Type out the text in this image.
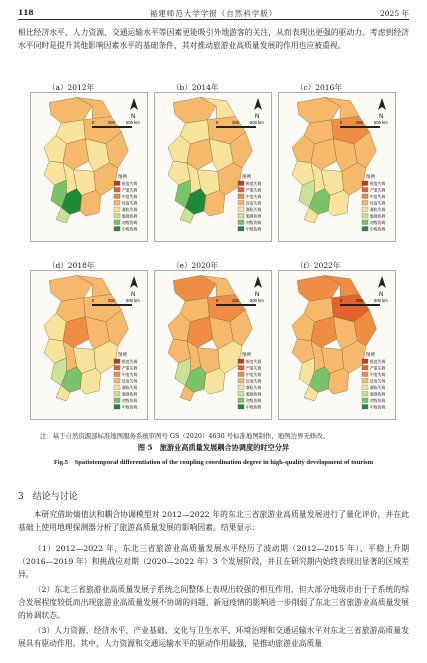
118	福建师范大学学报（自然科学版）	2025 年

相比经济水平，人力资源、交通运输水平等因素更能吸引外地游客的关注，从而表现出更强的驱动力。考虑到经济水平同时是提升其他影响因素水平的基础条件，其对推动旅游业高质量发展的作用也应被重视。

（a）2012年
N
0	250	500 km
图例
极度失调
严重失调
中度失调
轻度失调
濒临失调
勉强协调
初级协调
中级协调
（b）2014年
N
0	250	500 km
图例
极度失调
严重失调
中度失调
轻度失调
濒临失调
勉强协调
初级协调
中级协调
（c）2016年
N
0	250	500 km
图例
极度失调
严重失调
中度失调
轻度失调
濒临失调
勉强协调
初级协调
中级协调
（d）2018年
N
0	250	500 km
图例
极度失调
严重失调
中度失调
轻度失调
濒临失调
勉强协调
初级协调
中级协调
（e）2020年
N
0	250	500 km
图例
极度失调
严重失调
中度失调
轻度失调
濒临失调
勉强协调
初级协调
中级协调
（f）2022年
N
0	250	500 km
图例
极度失调
严重失调
中度失调
轻度失调
濒临失调
勉强协调
初级协调
中级协调
注：基于自然资源部标准地图服务系统审图号 GS（2020）4630 号标准地图制作，地图边界无修改。
图 5　旅游业高质量发展耦合协调度的时空分异
Fig.5　Spatiotemporal differentiation of the coupling coordination degree in high-quality development of tourism
3　结论与讨论

本研究借助熵值法和耦合协调模型对 2012—2022 年的东北三省旅游业高质量发展进行了量化评价，并在此基础上使用地理探测器分析了旅游高质量发展的影响因素。结果显示：

（1）2012—2022 年，东北三省旅游业高质量发展水平经历了波动期（2012—2015 年）、平稳上升期（2016—2019 年）和挑战应对期（2020—2022 年）3 个发展阶段，并且在研究期内始终表现出显著的区域差异。

（2）东北三省旅游业高质量发展子系统之间整体上表现出较强的相互作用，但大部分地级市由于子系统的综合发展程度较低而出现旅游业高质量发展不协调的问题，新冠疫情的影响进一步削弱了东北三省旅游业高质量发展的协调状态。

（3）人力资源、经济水平、产业基础、文化与卫生水平、环境治理和交通运输水平对东北三省旅游高质量发展具有驱动作用。其中，人力资源和交通运输水平的驱动作用最强，是推动旅游业高质量
